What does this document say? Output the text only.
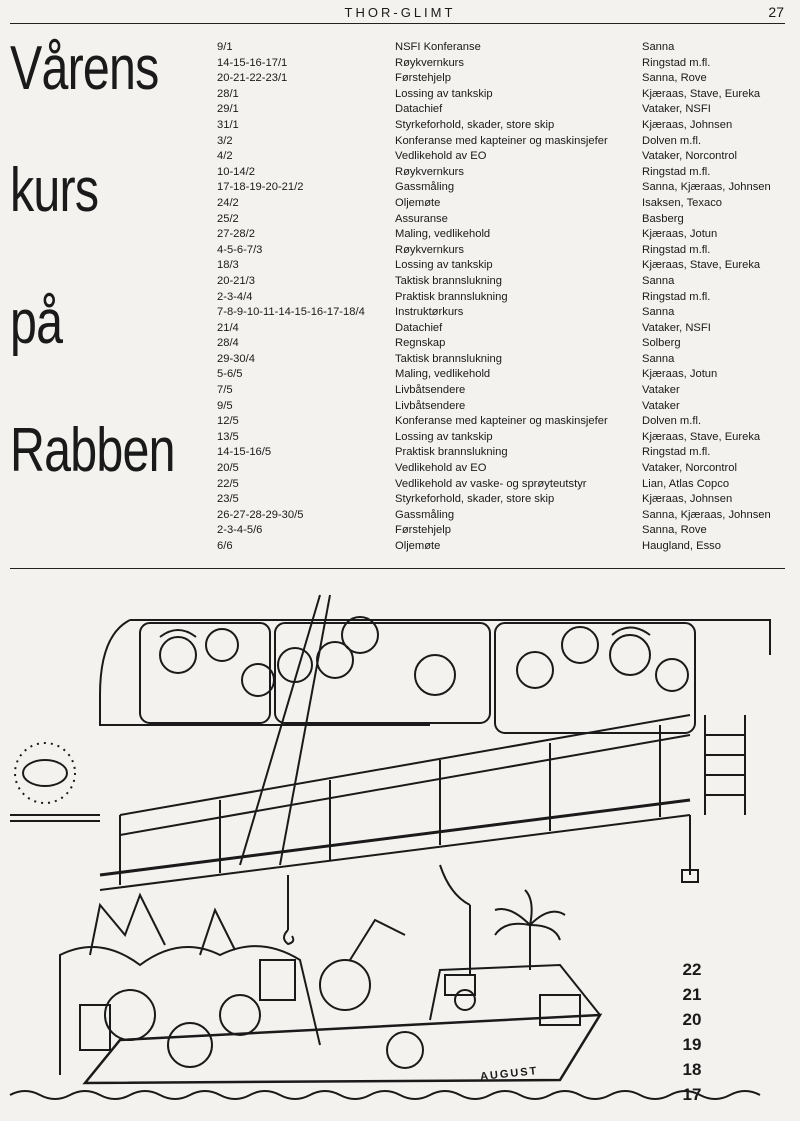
THOR-GLIMT	27
Vårens
kurs
på
Rabben
9/1	NSFI Konferanse	Sanna
14-15-16-17/1	Røykvernkurs	Ringstad m.fl.
20-21-22-23/1	Førstehjelp	Sanna, Rove
28/1	Lossing av tankskip	Kjæraas, Stave, Eureka
29/1	Datachief	Vataker, NSFI
31/1	Styrkeforhold, skader, store skip	Kjæraas, Johnsen
3/2	Konferanse med kapteiner og maskinsjefer	Dolven m.fl.
4/2	Vedlikehold av EO	Vataker, Norcontrol
10-14/2	Røykvernkurs	Ringstad m.fl.
17-18-19-20-21/2	Gassmåling	Sanna, Kjæraas, Johnsen
24/2	Oljemøte	Isaksen, Texaco
25/2	Assuranse	Basberg
27-28/2	Maling, vedlikehold	Kjæraas, Jotun
4-5-6-7/3	Røykvernkurs	Ringstad m.fl.
18/3	Lossing av tankskip	Kjæraas, Stave, Eureka
20-21/3	Taktisk brannslukning	Sanna
2-3-4/4	Praktisk brannslukning	Ringstad m.fl.
7-8-9-10-11-14-15-16-17-18/4	Instruktørkurs	Sanna
21/4	Datachief	Vataker, NSFI
28/4	Regnskap	Solberg
29-30/4	Taktisk brannslukning	Sanna
5-6/5	Maling, vedlikehold	Kjæraas, Jotun
7/5	Livbåtsendere	Vataker
9/5	Livbåtsendere	Vataker
12/5	Konferanse med kapteiner og maskinsjefer	Dolven m.fl.
13/5	Lossing av tankskip	Kjæraas, Stave, Eureka
14-15-16/5	Praktisk brannslukning	Ringstad m.fl.
20/5	Vedlikehold av EO	Vataker, Norcontrol
22/5	Vedlikehold av vaske- og sprøyteutstyr	Lian, Atlas Copco
23/5	Styrkeforhold, skader, store skip	Kjæraas, Johnsen
26-27-28-29-30/5	Gassmåling	Sanna, Kjæraas, Johnsen
2-3-4-5/6	Førstehjelp	Sanna, Rove
6/6	Oljemøte	Haugland, Esso
AUGUST
22
21
20
19
18
17
